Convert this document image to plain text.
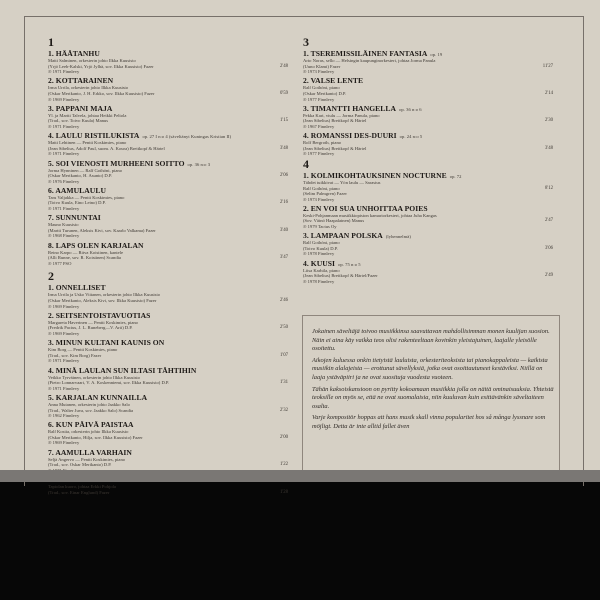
1
1. HÄÄTANHU
Matti Salminen, orkesterin johto Ilkka Kuusisto
(Yrjö Leeb-Kalski, Yrjö Jylhä, sov. Ilkka Kuusisto) Fazer
℗ 1971 Finnlevy
2'48
2. KOTTARAINEN
Irma Urrila, orkesterin johto Ilkka Kuusisto
(Oskar Merikanto, J. H. Erkko, sov. Ilkka Kuusisto) Fazer
℗ 1969 Finnlevy
0'59
3. PAPPANI MAJA
Yl. ja Martti Talvela, johtaa Heikki Peltola
(Trad., sov. Toivo Kuula) Manus
℗ 1971 Finnlevy
1'15
4. LAULU RISTILUKISTA op. 27 I n:o 4 (säveltänyt Kuningas Kristian II)
Matti Lehtinen — Pentti Koskimies, piano
(Jean Sibelius, Adolf Paul, suom. A. Koura) Breitkopf & Härtel
℗ 1971 Finnlevy
3'48
5. SOI VIENOSTI MURHEENI SOITTO op. 36 n:o 3
Jorma Hynninen — Ralf Gothóni, piano
(Oskar Merikanto, H. Asunto) D.P.
℗ 1976 Finnlevy
2'06
6. AAMULAULU
Taru Valjakka — Pentti Koskimies, piano
(Toivo Kuula, Eino Leino) D.P.
℗ 1971 Finnlevy
2'16
7. SUNNUNTAI
Mauno Kuusisto
(Martti Turunen, Aleksis Kivi, sov. Kaarlo Valkama) Fazer
℗ 1968 Finnlevy
3'40
8. LAPS OLEN KARJALAN
Reino Karpo — Ritva Koistinen, kantele
(Alli Runne, sov. R. Koistinen) Scandia
℗ 1977 PSO
3'47
2
1. ONNELLISET
Irma Urrila ja Usko Viitanen, orkesterin johto Ilkka Kuusisto
(Oskar Merikanto, Aleksis Kivi, sov. Ilkka Kuusisto) Fazer
℗ 1969 Finnlevy
2'46
2. SEITSENTOISTAVUOTIAS
Margareta Haverinen — Pentti Koskimies, piano
(Fredrik Pacius, J. L. Runeberg—V. Arti) D.P.
℗ 1969 Finnlevy
2'50
3. MINUN KULTANI KAUNIS ON
Kim Borg — Pentti Koskimies, piano
(Trad., sov. Kim Borg) Fazer
℗ 1971 Finnlevy
1'07
4. MINÄ LAULAN SUN ILTASI TÄHTIHIN
Veikko Tyrväinen, orkesterin johto Ilkka Kuusisto
(Pietro Lonnarvaari, V. A. Koskenniemi, sov. Ilkka Kuusisto) D.P.
℗ 1971 Finnlevy
1'31
5. KARJALAN KUNNAILLA
Anna Mutanen, orkesterin johto Jaakko Salo
(Trad., Walter Juva, sov. Jaakko Salo) Scandia
℗ 1962 Finnlevy
2'32
6. KUN PÄIVÄ PAISTAA
Ralf Kostia, orkesterin johto Ilkka Kuusisto
(Oskar Merikanto, Hilja, sov. Ilkka Kuusisto) Fazer
℗ 1969 Finnlevy
2'00
7. AAMULLA VARHAIN
Seljä Angervo — Pentti Koskimies, piano
(Trad., sov. Oskar Merikanto) D.P.	1'22
Tapiolan kuoro, johtaa Erkki Pohjola
(Trad., sov. Einar Englund) Fazer	1'28
3
1. TSEREMISSILÄINEN FANTASIA op. 19
Arto Noras, sello — Helsingin kaupunginorkesteri, johtaa Jorma Panula
(Uuno Klami) Fazer
℗ 1973 Finnlevy
11'27
2. VALSE LENTE
Ralf Gothóni, piano
(Oskar Merikanto) D.P.
℗ 1977 Finnlevy
2'14
3. TIMANTTI HANGELLA op. 36 n:o 6
Pekka Kari, viulu — Jorma Panula, piano
(Jean Sibelius) Breitkopf & Härtel
℗ 1967 Finnlevy
2'30
4. ROMANSSI DES-DUURI op. 24 n:o 5
Rolf Bergroth, piano
(Jean Sibelius) Breitkopf & Härtel
℗ 1977 Finnlevy
3'48
4
1. KOLMIKOHTAUKSINEN NOCTURNE op. 72
Tähdet tuikkivat — Yön laulu — Sarastus
Ralf Gothóni, piano
(Selim Palmgren) Fazer
℗ 1973 Finnlevy
8'12
2. EN VOI SUA UNHOITTAA POIES
Keski-Pohjanmaan musiikkiopiston kamariorkesteri, johtaa Juha Kangas
(Sov. Väinö Haapalainen) Manus
℗ 1979 Tactus Oy
2'47
3. LAMPAAN POLSKA (lyhennelmä)
Ralf Gothóni, piano
(Toivo Kuula) D.P.
℗ 1978 Finnlevy
3'06
4. KUUSI op. 75 n:o 5
Liisa Karhila, piano
(Jean Sibelius) Breitkopf & Härtel/Fazer
℗ 1978 Finnlevy
2'49

Jokainen säveltäjä toivoo musiikkinsa saavuttavan mahdollisimman monen kuulijan suosion. Näin ei aina käy vaikka teos olisi rakenteeltaan kovinkin yleistajuinen, laajalle yleisölle osoitettu.

Aikojen kuluessa onkin tietyistä lauluista, orkesteriteoksista tai pianokappaleista — kaikista musiikin alalajeista — erottunut sävellyksiä, jotka ovat osoittautuneet kestäviksi. Niillä on laaja ystäväpiiri ja ne ovat suosituja vuodesta vuoteen.

Tähän kaksoiskansioon on pyritty kokoamaan musiikkia jolla on näitä ominaisuuksia. Yhteistä teoksille on myös se, että ne ovat suomalaisia, niin kuuluvan kuin esittävänkin säveltaiteen osalta.

Varje kompositör hoppas att hans musik skall vinna popularitet hos så många lyssnare som möjligt. Detta är inte alltid fallet även
